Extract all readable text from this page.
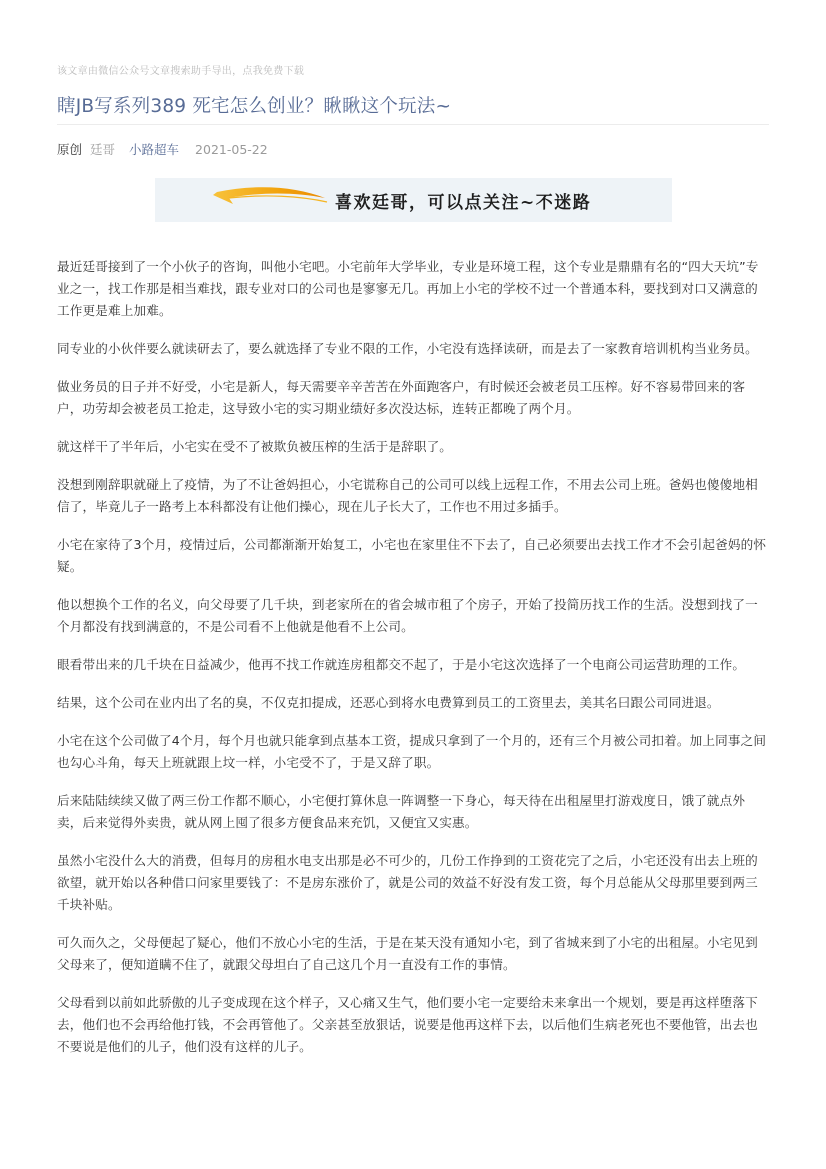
该文章由微信公众号文章搜索助手导出，点我免费下载
瞎JB写系列389 死宅怎么创业？瞅瞅这个玩法~
原创 廷哥 小路超车 2021-05-22
喜欢廷哥，可以点关注~不迷路

最近廷哥接到了一个小伙子的咨询，叫他小宅吧。小宅前年大学毕业，专业是环境工程，这个专业是鼎鼎有名的“四大天坑”专业之一，找工作那是相当难找，跟专业对口的公司也是寥寥无几。再加上小宅的学校不过一个普通本科，要找到对口又满意的工作更是难上加难。

同专业的小伙伴要么就读研去了，要么就选择了专业不限的工作，小宅没有选择读研，而是去了一家教育培训机构当业务员。

做业务员的日子并不好受，小宅是新人，每天需要辛辛苦苦在外面跑客户，有时候还会被老员工压榨。好不容易带回来的客户，功劳却会被老员工抢走，这导致小宅的实习期业绩好多次没达标，连转正都晚了两个月。

就这样干了半年后，小宅实在受不了被欺负被压榨的生活于是辞职了。

没想到刚辞职就碰上了疫情，为了不让爸妈担心，小宅谎称自己的公司可以线上远程工作，不用去公司上班。爸妈也傻傻地相信了，毕竟儿子一路考上本科都没有让他们操心，现在儿子长大了，工作也不用过多插手。

小宅在家待了3个月，疫情过后，公司都渐渐开始复工，小宅也在家里住不下去了，自己必须要出去找工作才不会引起爸妈的怀疑。

他以想换个工作的名义，向父母要了几千块，到老家所在的省会城市租了个房子，开始了投简历找工作的生活。没想到找了一个月都没有找到满意的，不是公司看不上他就是他看不上公司。

眼看带出来的几千块在日益减少，他再不找工作就连房租都交不起了，于是小宅这次选择了一个电商公司运营助理的工作。

结果，这个公司在业内出了名的臭，不仅克扣提成，还恶心到将水电费算到员工的工资里去，美其名曰跟公司同进退。

小宅在这个公司做了4个月，每个月也就只能拿到点基本工资，提成只拿到了一个月的，还有三个月被公司扣着。加上同事之间也勾心斗角，每天上班就跟上坟一样，小宅受不了，于是又辞了职。

后来陆陆续续又做了两三份工作都不顺心，小宅便打算休息一阵调整一下身心，每天待在出租屋里打游戏度日，饿了就点外卖，后来觉得外卖贵，就从网上囤了很多方便食品来充饥，又便宜又实惠。

虽然小宅没什么大的消费，但每月的房租水电支出那是必不可少的，几份工作挣到的工资花完了之后，小宅还没有出去上班的欲望，就开始以各种借口问家里要钱了：不是房东涨价了，就是公司的效益不好没有发工资，每个月总能从父母那里要到两三千块补贴。

可久而久之，父母便起了疑心，他们不放心小宅的生活，于是在某天没有通知小宅，到了省城来到了小宅的出租屋。小宅见到父母来了，便知道瞒不住了，就跟父母坦白了自己这几个月一直没有工作的事情。

父母看到以前如此骄傲的儿子变成现在这个样子，又心痛又生气，他们要小宅一定要给未来拿出一个规划，要是再这样堕落下去，他们也不会再给他打钱，不会再管他了。父亲甚至放狠话，说要是他再这样下去，以后他们生病老死也不要他管，出去也不要说是他们的儿子，他们没有这样的儿子。
